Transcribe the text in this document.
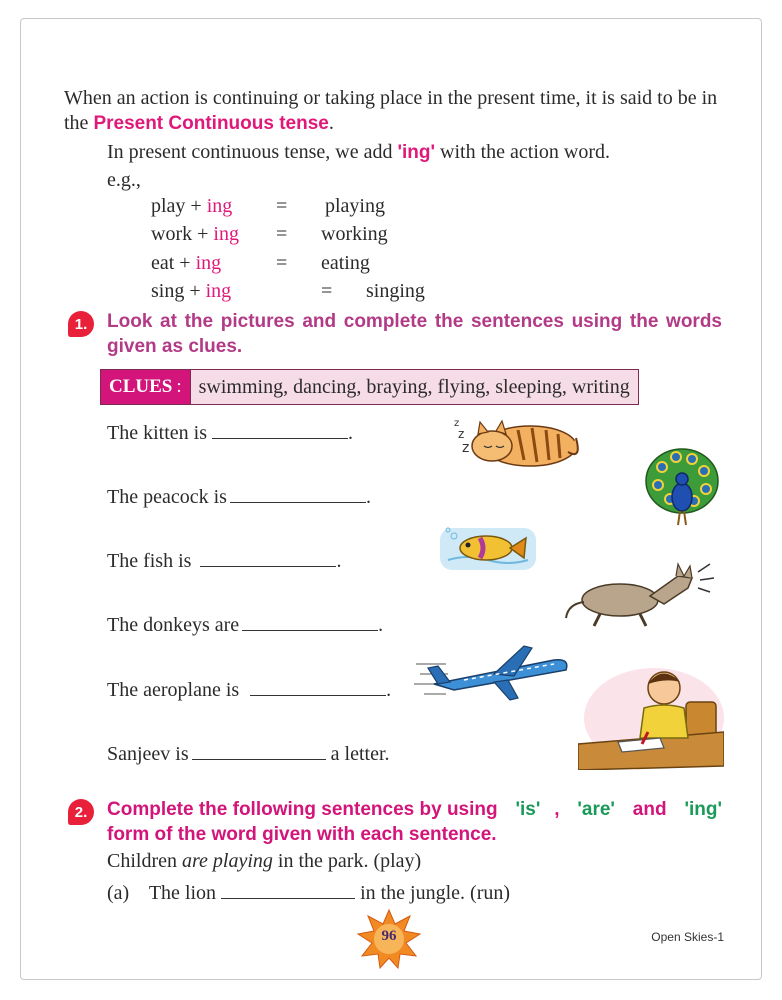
When an action is continuing or taking place in the present time, it is said to be in the Present Continuous tense.
In present continuous tense, we add 'ing' with the action word.
e.g.,
play + ing = playing
work + ing = working
eat + ing	= eating
sing + ing	= singing
1.	Look at the pictures and complete the sentences using the words given as clues.
CLUES : swimming, dancing, braying, flying, sleeping, writing
The kitten is	.
The peacock is	.
The fish is	.
The donkeys are	.
The aeroplane is	.
Sanjeev is	a letter.
z
z
z
2.	Complete the following sentences by using 'is' , 'are' and 'ing'
form of the word given with each sentence.
Children are playing in the park. (play)
(a) The lion	in the jungle. (run)
96	Open Skies-1
